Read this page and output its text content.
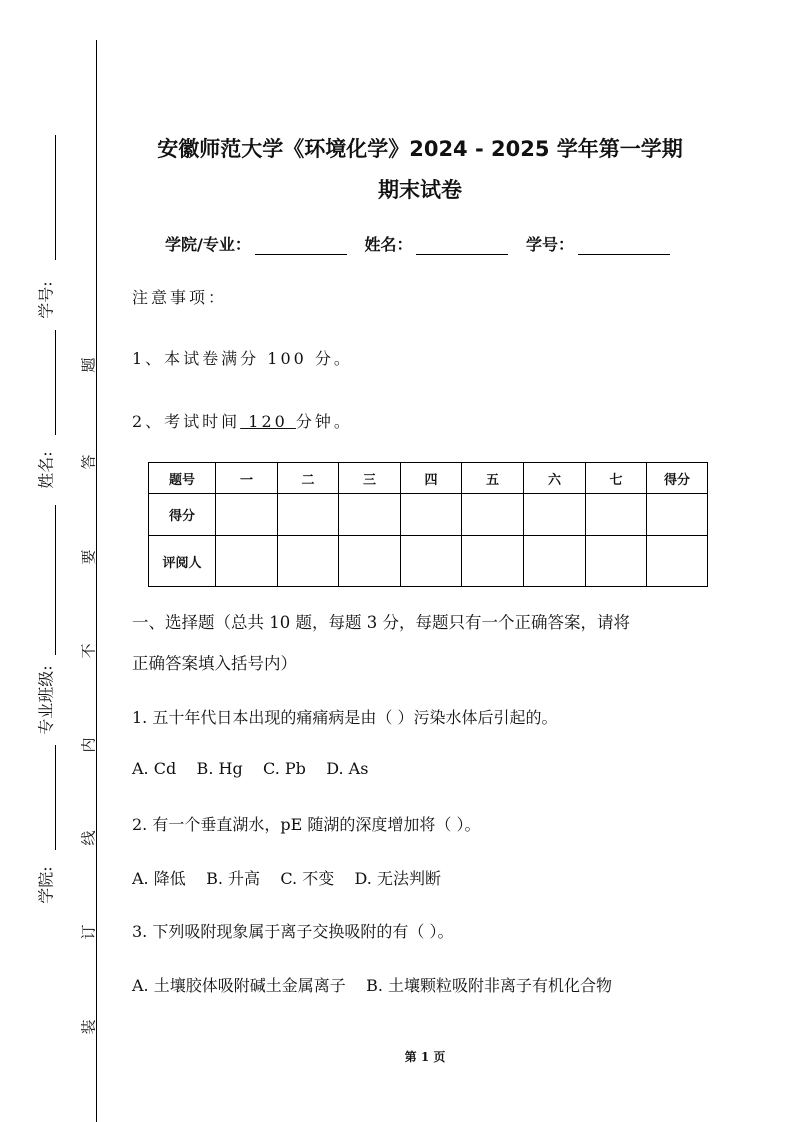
学号:
姓名:
专业班级:
学院:
题
答
要
不
内
线
订
装
安徽师范大学《环境化学》2024 - 2025 学年第一学期
期末试卷
学院/专业：	姓名：	学号：
注意事项：
1、本试卷满分 100 分。
2、考试时间 120 分钟。
题号	一	二	三	四	五	六	七	得分
得分								
评阅人								
一、选择题（总共 10 题，每题 3 分，每题只有一个正确答案，请将
正确答案填入括号内）
1. 五十年代日本出现的痛痛病是由（ ）污染水体后引起的。
A. Cd    B. Hg    C. Pb    D. As
2. 有一个垂直湖水，pE 随湖的深度增加将（ ）。
A. 降低    B. 升高    C. 不变    D. 无法判断
3. 下列吸附现象属于离子交换吸附的有（ ）。
A. 土壤胶体吸附碱土金属离子    B. 土壤颗粒吸附非离子有机化合物
第 1 页
